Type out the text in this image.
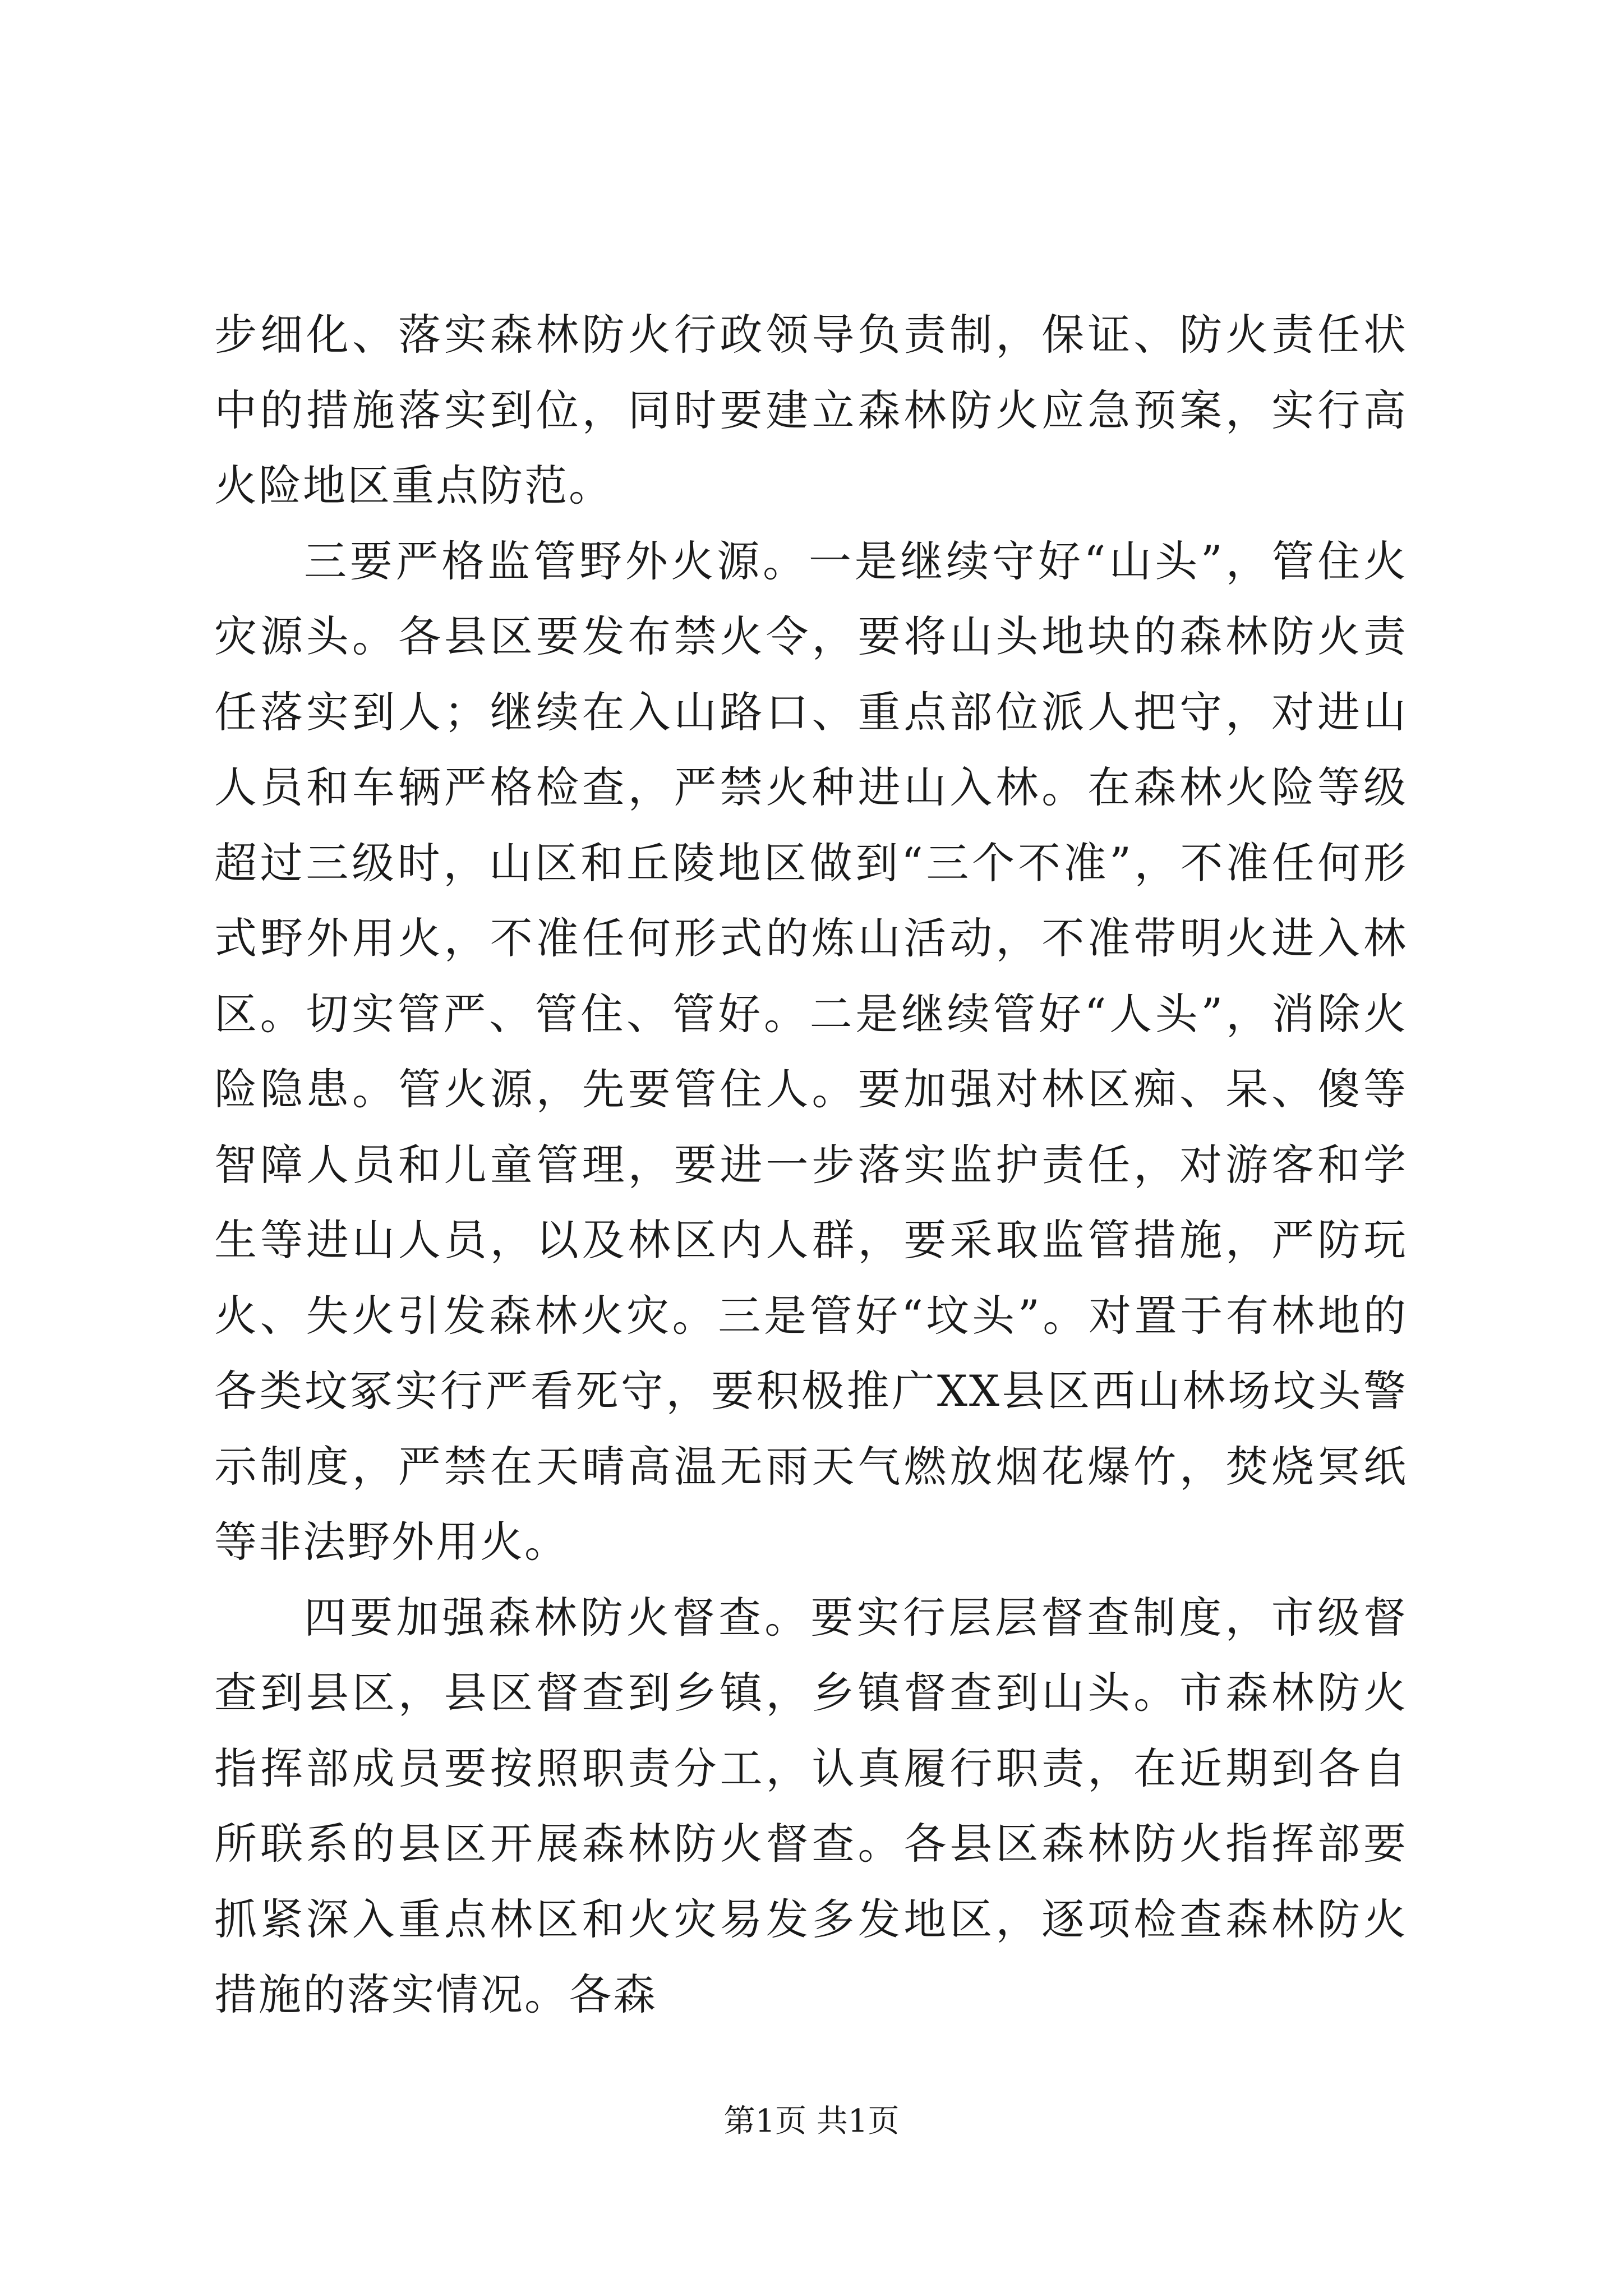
步细化、落实森林防火行政领导负责制，保证、防火责任状中的措施落实到位，同时要建立森林防火应急预案，实行高火险地区重点防范。

三要严格监管野外火源。一是继续守好“山头”，管住火灾源头。各县区要发布禁火令，要将山头地块的森林防火责任落实到人；继续在入山路口、重点部位派人把守，对进山人员和车辆严格检查，严禁火种进山入林。在森林火险等级超过三级时，山区和丘陵地区做到“三个不准”，不准任何形式野外用火，不准任何形式的炼山活动，不准带明火进入林区。切实管严、管住、管好。二是继续管好“人头”，消除火险隐患。管火源，先要管住人。要加强对林区痴、呆、傻等智障人员和儿童管理，要进一步落实监护责任，对游客和学生等进山人员，以及林区内人群，要采取监管措施，严防玩火、失火引发森林火灾。三是管好“坟头”。对置于有林地的各类坟冢实行严看死守，要积极推广XX县区西山林场坟头警示制度，严禁在天晴高温无雨天气燃放烟花爆竹，焚烧冥纸等非法野外用火。

四要加强森林防火督查。要实行层层督查制度，市级督查到县区，县区督查到乡镇，乡镇督查到山头。市森林防火指挥部成员要按照职责分工，认真履行职责，在近期到各自所联系的县区开展森林防火督查。各县区森林防火指挥部要抓紧深入重点林区和火灾易发多发地区，逐项检查森林防火措施的落实情况。各森

第1页 共1页
